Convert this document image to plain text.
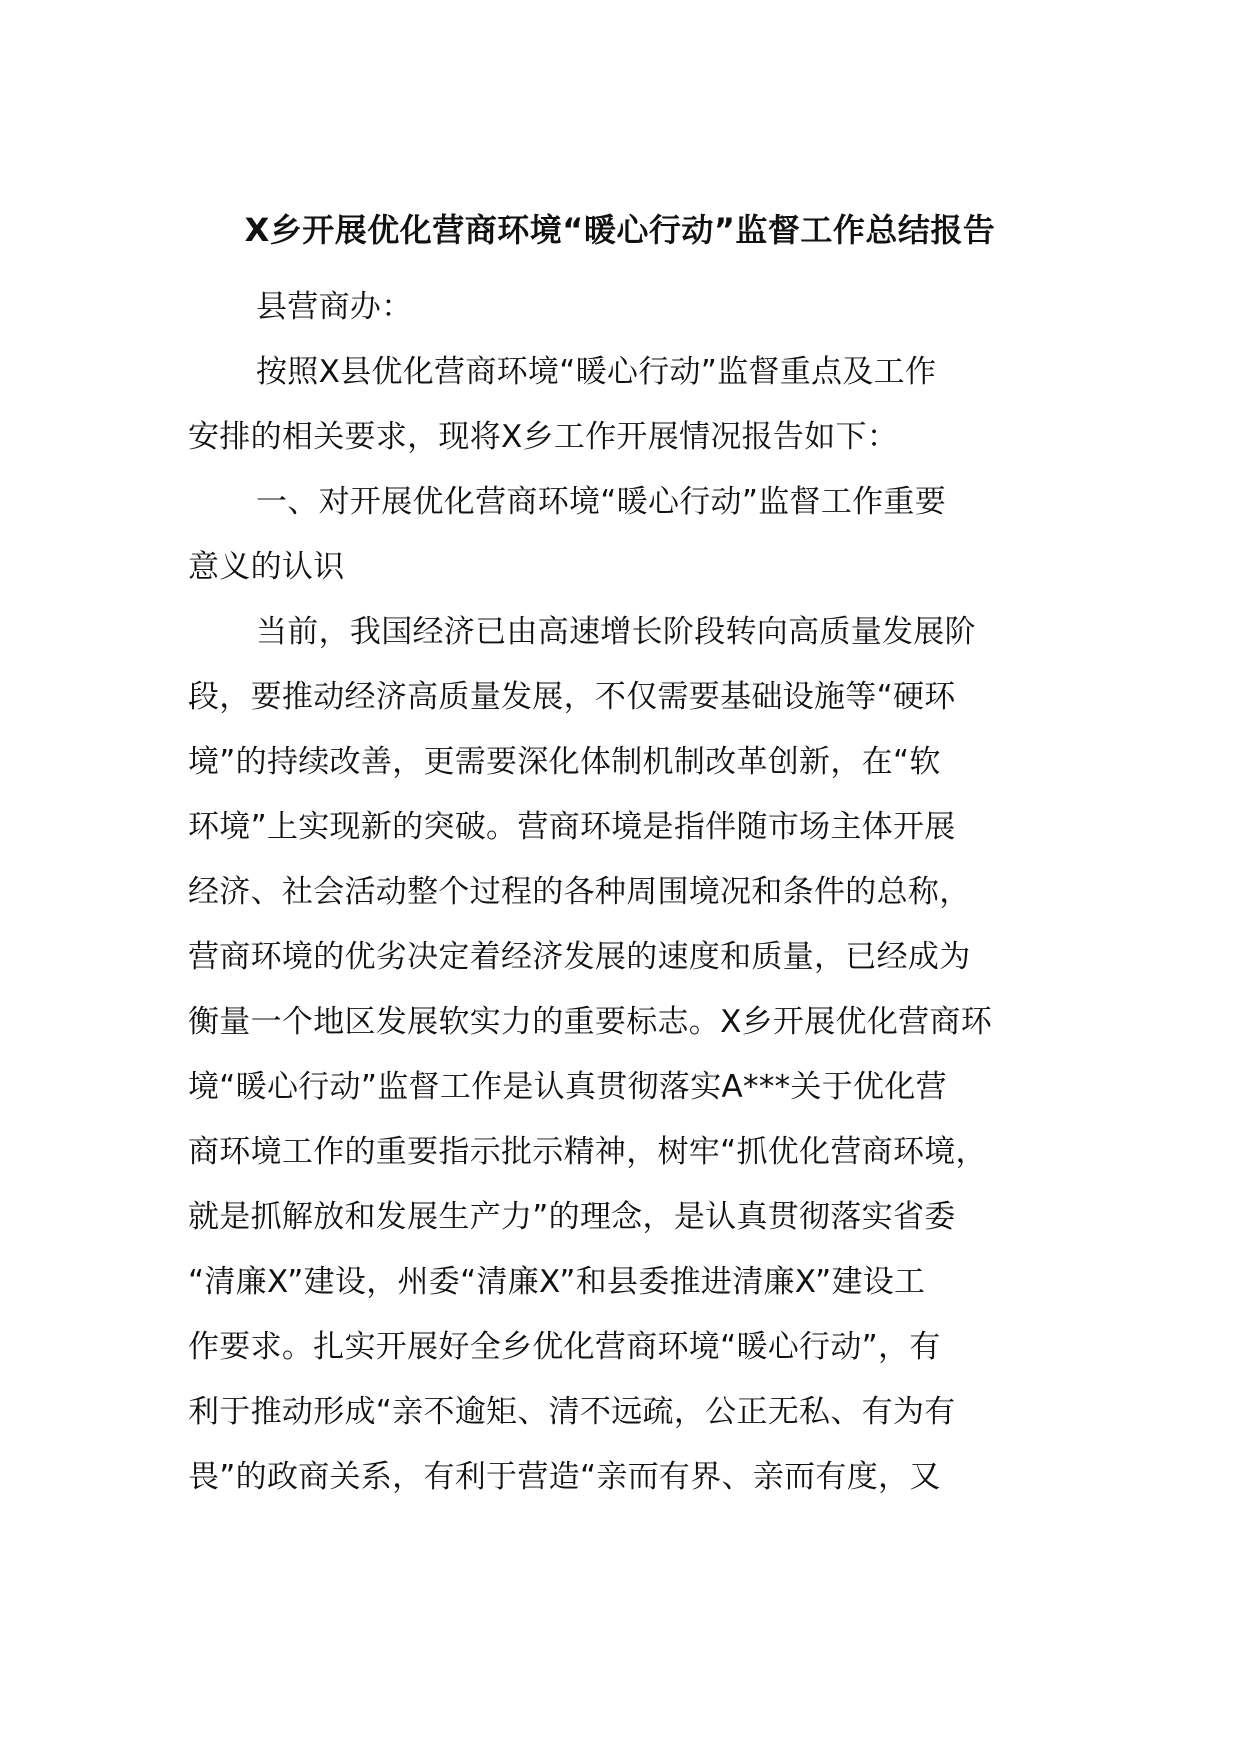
X乡开展优化营商环境“暖心行动”监督工作总结报告
县营商办：
按照X县优化营商环境“暖心行动”监督重点及工作
安排的相关要求，现将X乡工作开展情况报告如下：
一、对开展优化营商环境“暖心行动”监督工作重要
意义的认识
当前，我国经济已由高速增长阶段转向高质量发展阶
段，要推动经济高质量发展，不仅需要基础设施等“硬环
境”的持续改善，更需要深化体制机制改革创新，在“软
环境”上实现新的突破。营商环境是指伴随市场主体开展
经济、社会活动整个过程的各种周围境况和条件的总称，
营商环境的优劣决定着经济发展的速度和质量，已经成为
衡量一个地区发展软实力的重要标志。X乡开展优化营商环
境“暖心行动”监督工作是认真贯彻落实A***关于优化营
商环境工作的重要指示批示精神，树牢“抓优化营商环境，
就是抓解放和发展生产力”的理念，是认真贯彻落实省委
“清廉X”建设，州委“清廉X”和县委推进清廉X”建设工
作要求。扎实开展好全乡优化营商环境“暖心行动”，有
利于推动形成“亲不逾矩、清不远疏，公正无私、有为有
畏”的政商关系，有利于营造“亲而有界、亲而有度，又
